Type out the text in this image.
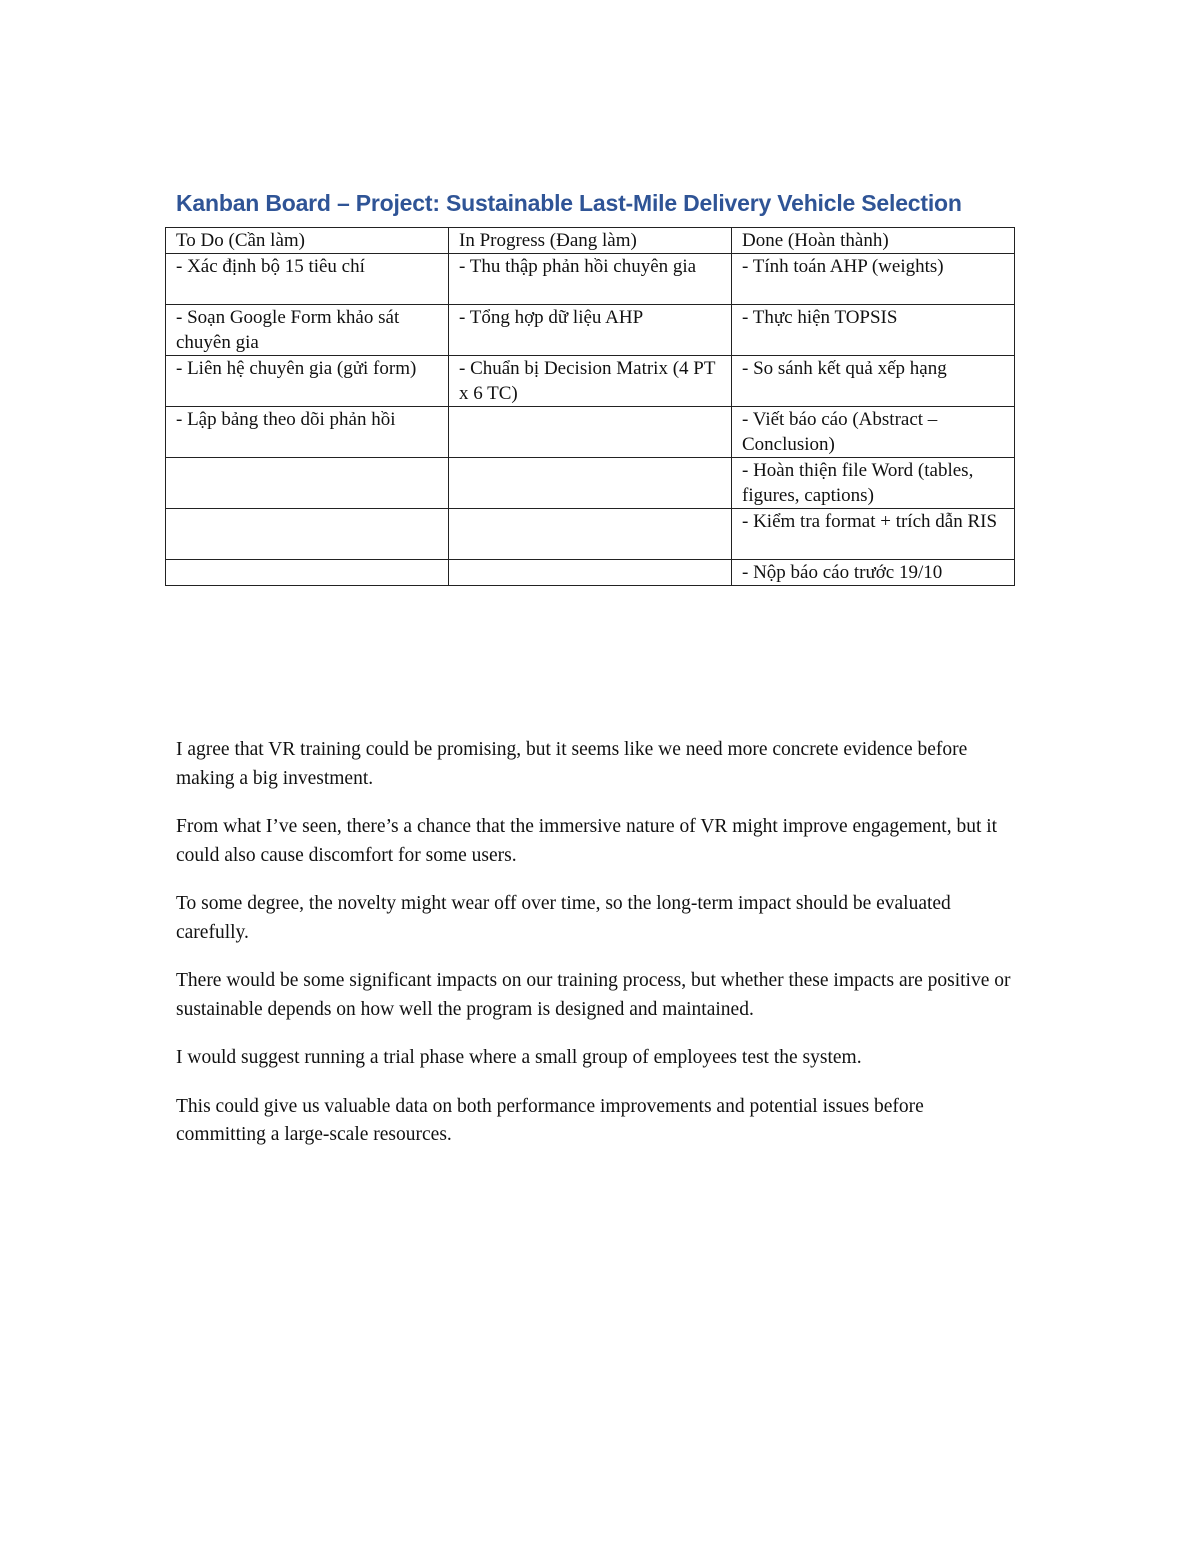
Kanban Board – Project: Sustainable Last-Mile Delivery Vehicle Selection
To Do (Cần làm)	In Progress (Đang làm)	Done (Hoàn thành)
- Xác định bộ 15 tiêu chí	- Thu thập phản hồi chuyên gia	- Tính toán AHP (weights)
- Soạn Google Form khảo sát chuyên gia	- Tổng hợp dữ liệu AHP	- Thực hiện TOPSIS
- Liên hệ chuyên gia (gửi form)	- Chuẩn bị Decision Matrix (4 PT x 6 TC)	- So sánh kết quả xếp hạng
- Lập bảng theo dõi phản hồi		- Viết báo cáo (Abstract – Conclusion)
		- Hoàn thiện file Word (tables, figures, captions)
		- Kiểm tra format + trích dẫn RIS
		- Nộp báo cáo trước 19/10

I agree that VR training could be promising, but it seems like we need more concrete evidence before making a big investment.

From what I’ve seen, there’s a chance that the immersive nature of VR might improve engagement, but it could also cause discomfort for some users.

To some degree, the novelty might wear off over time, so the long-term impact should be evaluated carefully.

There would be some significant impacts on our training process, but whether these impacts are positive or sustainable depends on how well the program is designed and maintained.

I would suggest running a trial phase where a small group of employees test the system.

This could give us valuable data on both performance improvements and potential issues before committing a large-scale resources.
